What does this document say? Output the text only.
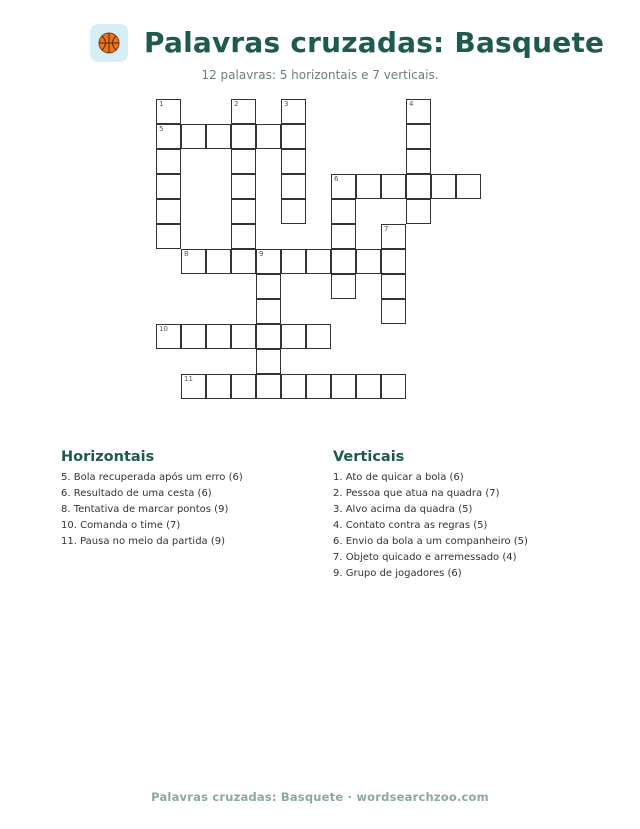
Palavras cruzadas: Basquete
12 palavras: 5 horizontais e 7 verticais.
1	2	3	4
5
6
7
8	9
10
11
Horizontais
5. Bola recuperada após um erro (6)
6. Resultado de uma cesta (6)
8. Tentativa de marcar pontos (9)
10. Comanda o time (7)
11. Pausa no meio da partida (9)
Verticais
1. Ato de quicar a bola (6)
2. Pessoa que atua na quadra (7)
3. Alvo acima da quadra (5)
4. Contato contra as regras (5)
6. Envio da bola a um companheiro (5)
7. Objeto quicado e arremessado (4)
9. Grupo de jogadores (6)
Palavras cruzadas: Basquete · wordsearchzoo.com
